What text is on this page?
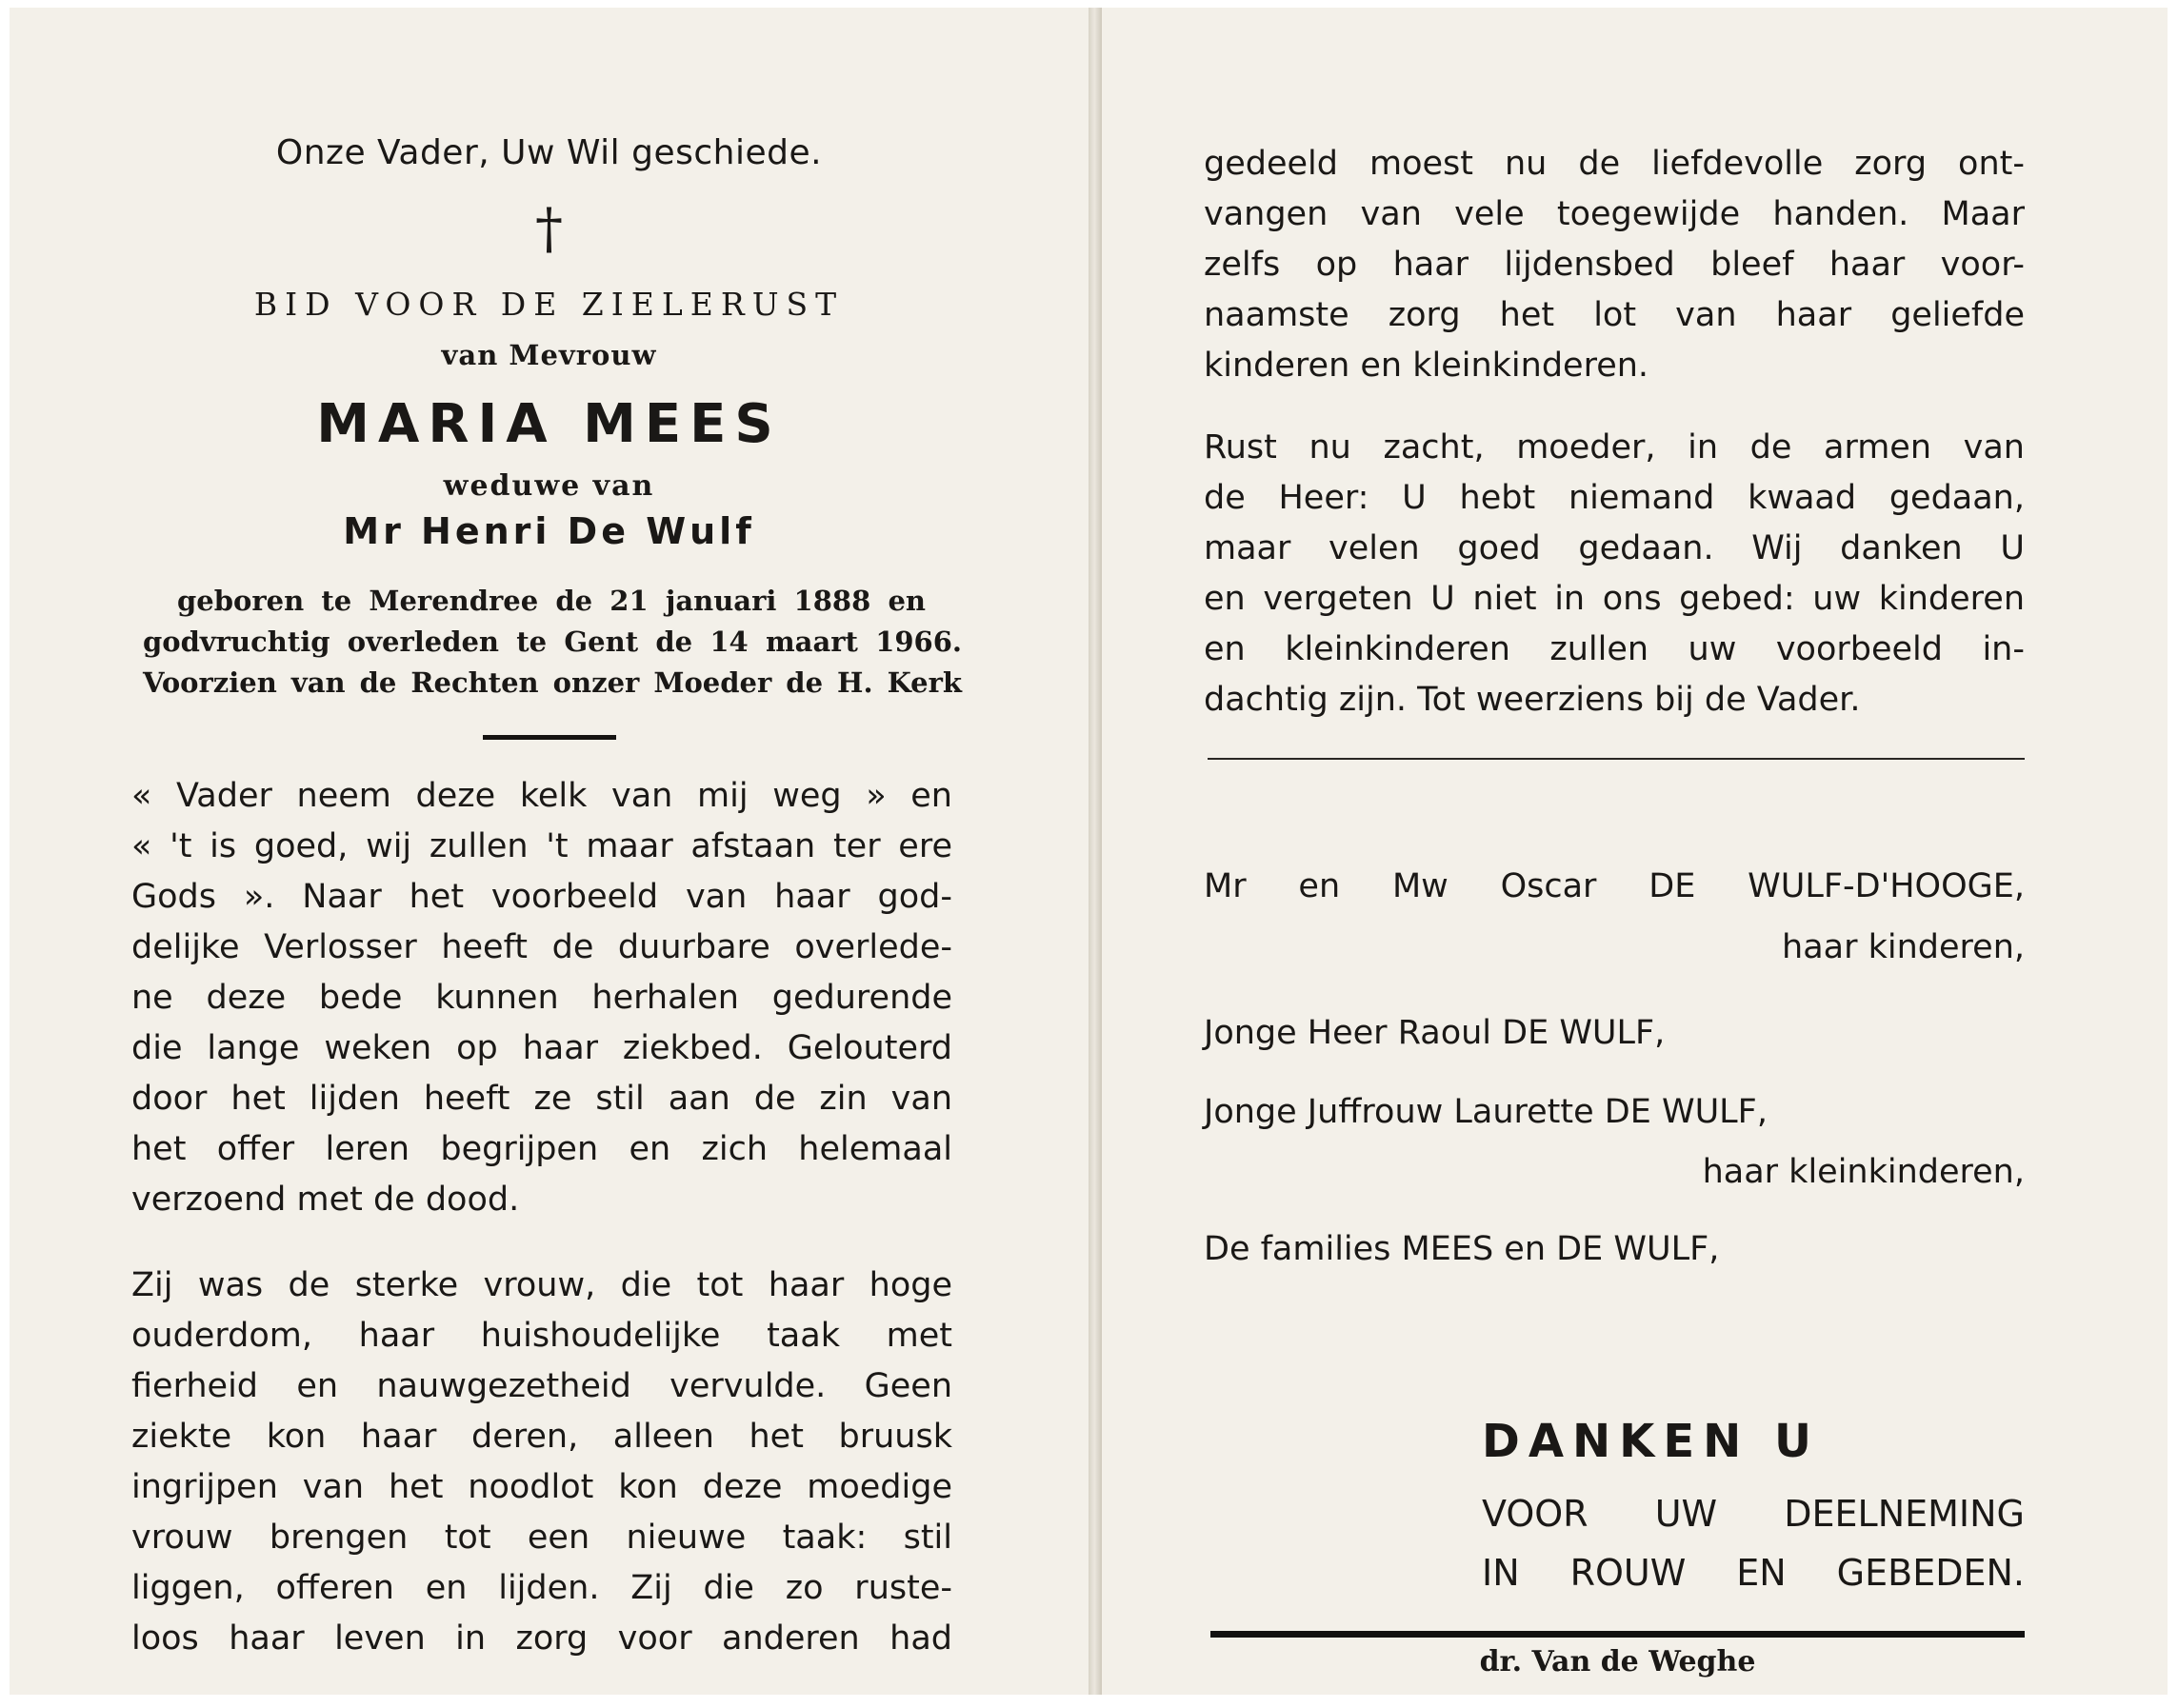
Onze Vader, Uw Wil geschiede.
†
BID VOOR DE ZIELERUST
van Mevrouw
MARIA MEES
weduwe van
Mr Henri De Wulf
geboren te Merendree de 21 januari 1888 en
godvruchtig overleden te Gent de 14 maart 1966.
Voorzien van de Rechten onzer Moeder de H. Kerk
« Vader neem deze kelk van mij weg » en
« 't is goed, wij zullen 't maar afstaan ter ere
Gods ». Naar het voorbeeld van haar god-
delijke Verlosser heeft de duurbare overlede-
ne deze bede kunnen herhalen gedurende
die lange weken op haar ziekbed. Gelouterd
door het lijden heeft ze stil aan de zin van
het offer leren begrijpen en zich helemaal
verzoend met de dood.
Zij was de sterke vrouw, die tot haar hoge
ouderdom, haar huishoudelijke taak met
fierheid en nauwgezetheid vervulde. Geen
ziekte kon haar deren, alleen het bruusk
ingrijpen van het noodlot kon deze moedige
vrouw brengen tot een nieuwe taak: stil
liggen, offeren en lijden. Zij die zo ruste-
loos haar leven in zorg voor anderen had
gedeeld moest nu de liefdevolle zorg ont-
vangen van vele toegewijde handen. Maar
zelfs op haar lijdensbed bleef haar voor-
naamste zorg het lot van haar geliefde
kinderen en kleinkinderen.
Rust nu zacht, moeder, in de armen van
de Heer: U hebt niemand kwaad gedaan,
maar velen goed gedaan. Wij danken U
en vergeten U niet in ons gebed: uw kinderen
en kleinkinderen zullen uw voorbeeld in-
dachtig zijn. Tot weerziens bij de Vader.
Mr en Mw Oscar DE WULF-D'HOOGE,
haar kinderen,
Jonge Heer Raoul DE WULF,
Jonge Juffrouw Laurette DE WULF,
haar kleinkinderen,
De families MEES en DE WULF,
DANKEN U
VOOR UW DEELNEMING
IN ROUW EN GEBEDEN.
dr. Van de Weghe
